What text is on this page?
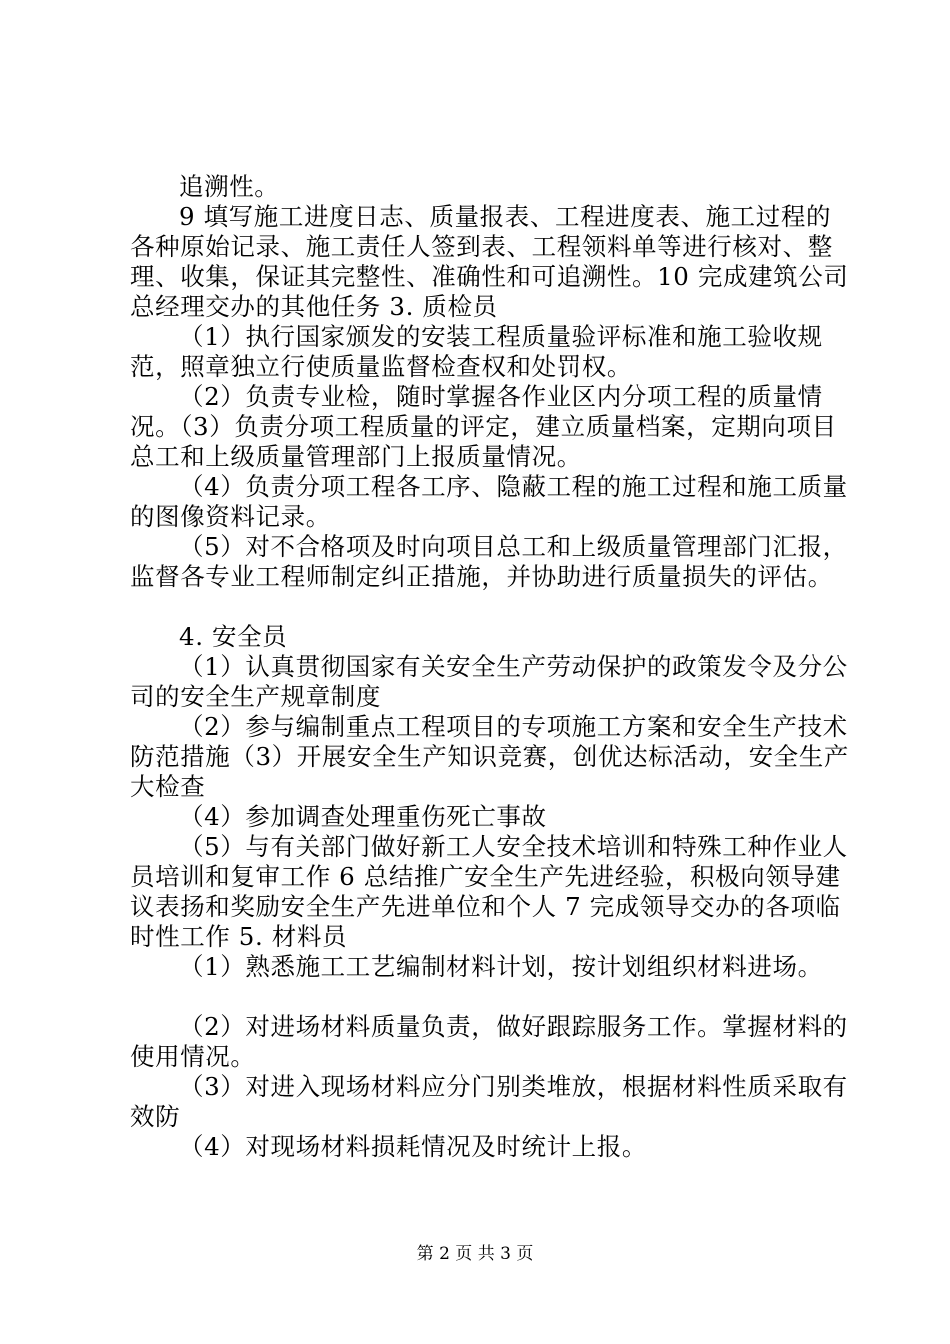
追溯性。

9 填写施工进度日志、质量报表、工程进度表、施工过程的各种原始记录、施工责任人签到表、工程领料单等进行核对、整理、收集，保证其完整性、准确性和可追溯性。10 完成建筑公司总经理交办的其他任务 3. 质检员

（1）执行国家颁发的安装工程质量验评标准和施工验收规范，照章独立行使质量监督检查权和处罚权。

（2）负责专业检，随时掌握各作业区内分项工程的质量情况。（3）负责分项工程质量的评定，建立质量档案，定期向项目总工和上级质量管理部门上报质量情况。

（4）负责分项工程各工序、隐蔽工程的施工过程和施工质量的图像资料记录。

（5）对不合格项及时向项目总工和上级质量管理部门汇报，监督各专业工程师制定纠正措施，并协助进行质量损失的评估。

4. 安全员

（1）认真贯彻国家有关安全生产劳动保护的政策发令及分公司的安全生产规章制度

（2）参与编制重点工程项目的专项施工方案和安全生产技术防范措施（3）开展安全生产知识竞赛，创优达标活动，安全生产大检查

（4）参加调查处理重伤死亡事故

（5）与有关部门做好新工人安全技术培训和特殊工种作业人员培训和复审工作 6 总结推广安全生产先进经验，积极向领导建议表扬和奖励安全生产先进单位和个人 7 完成领导交办的各项临时性工作 5. 材料员

（1）熟悉施工工艺编制材料计划，按计划组织材料进场。

（2）对进场材料质量负责，做好跟踪服务工作。掌握材料的使用情况。

（3）对进入现场材料应分门别类堆放，根据材料性质采取有效防

（4）对现场材料损耗情况及时统计上报。

第 2 页 共 3 页
